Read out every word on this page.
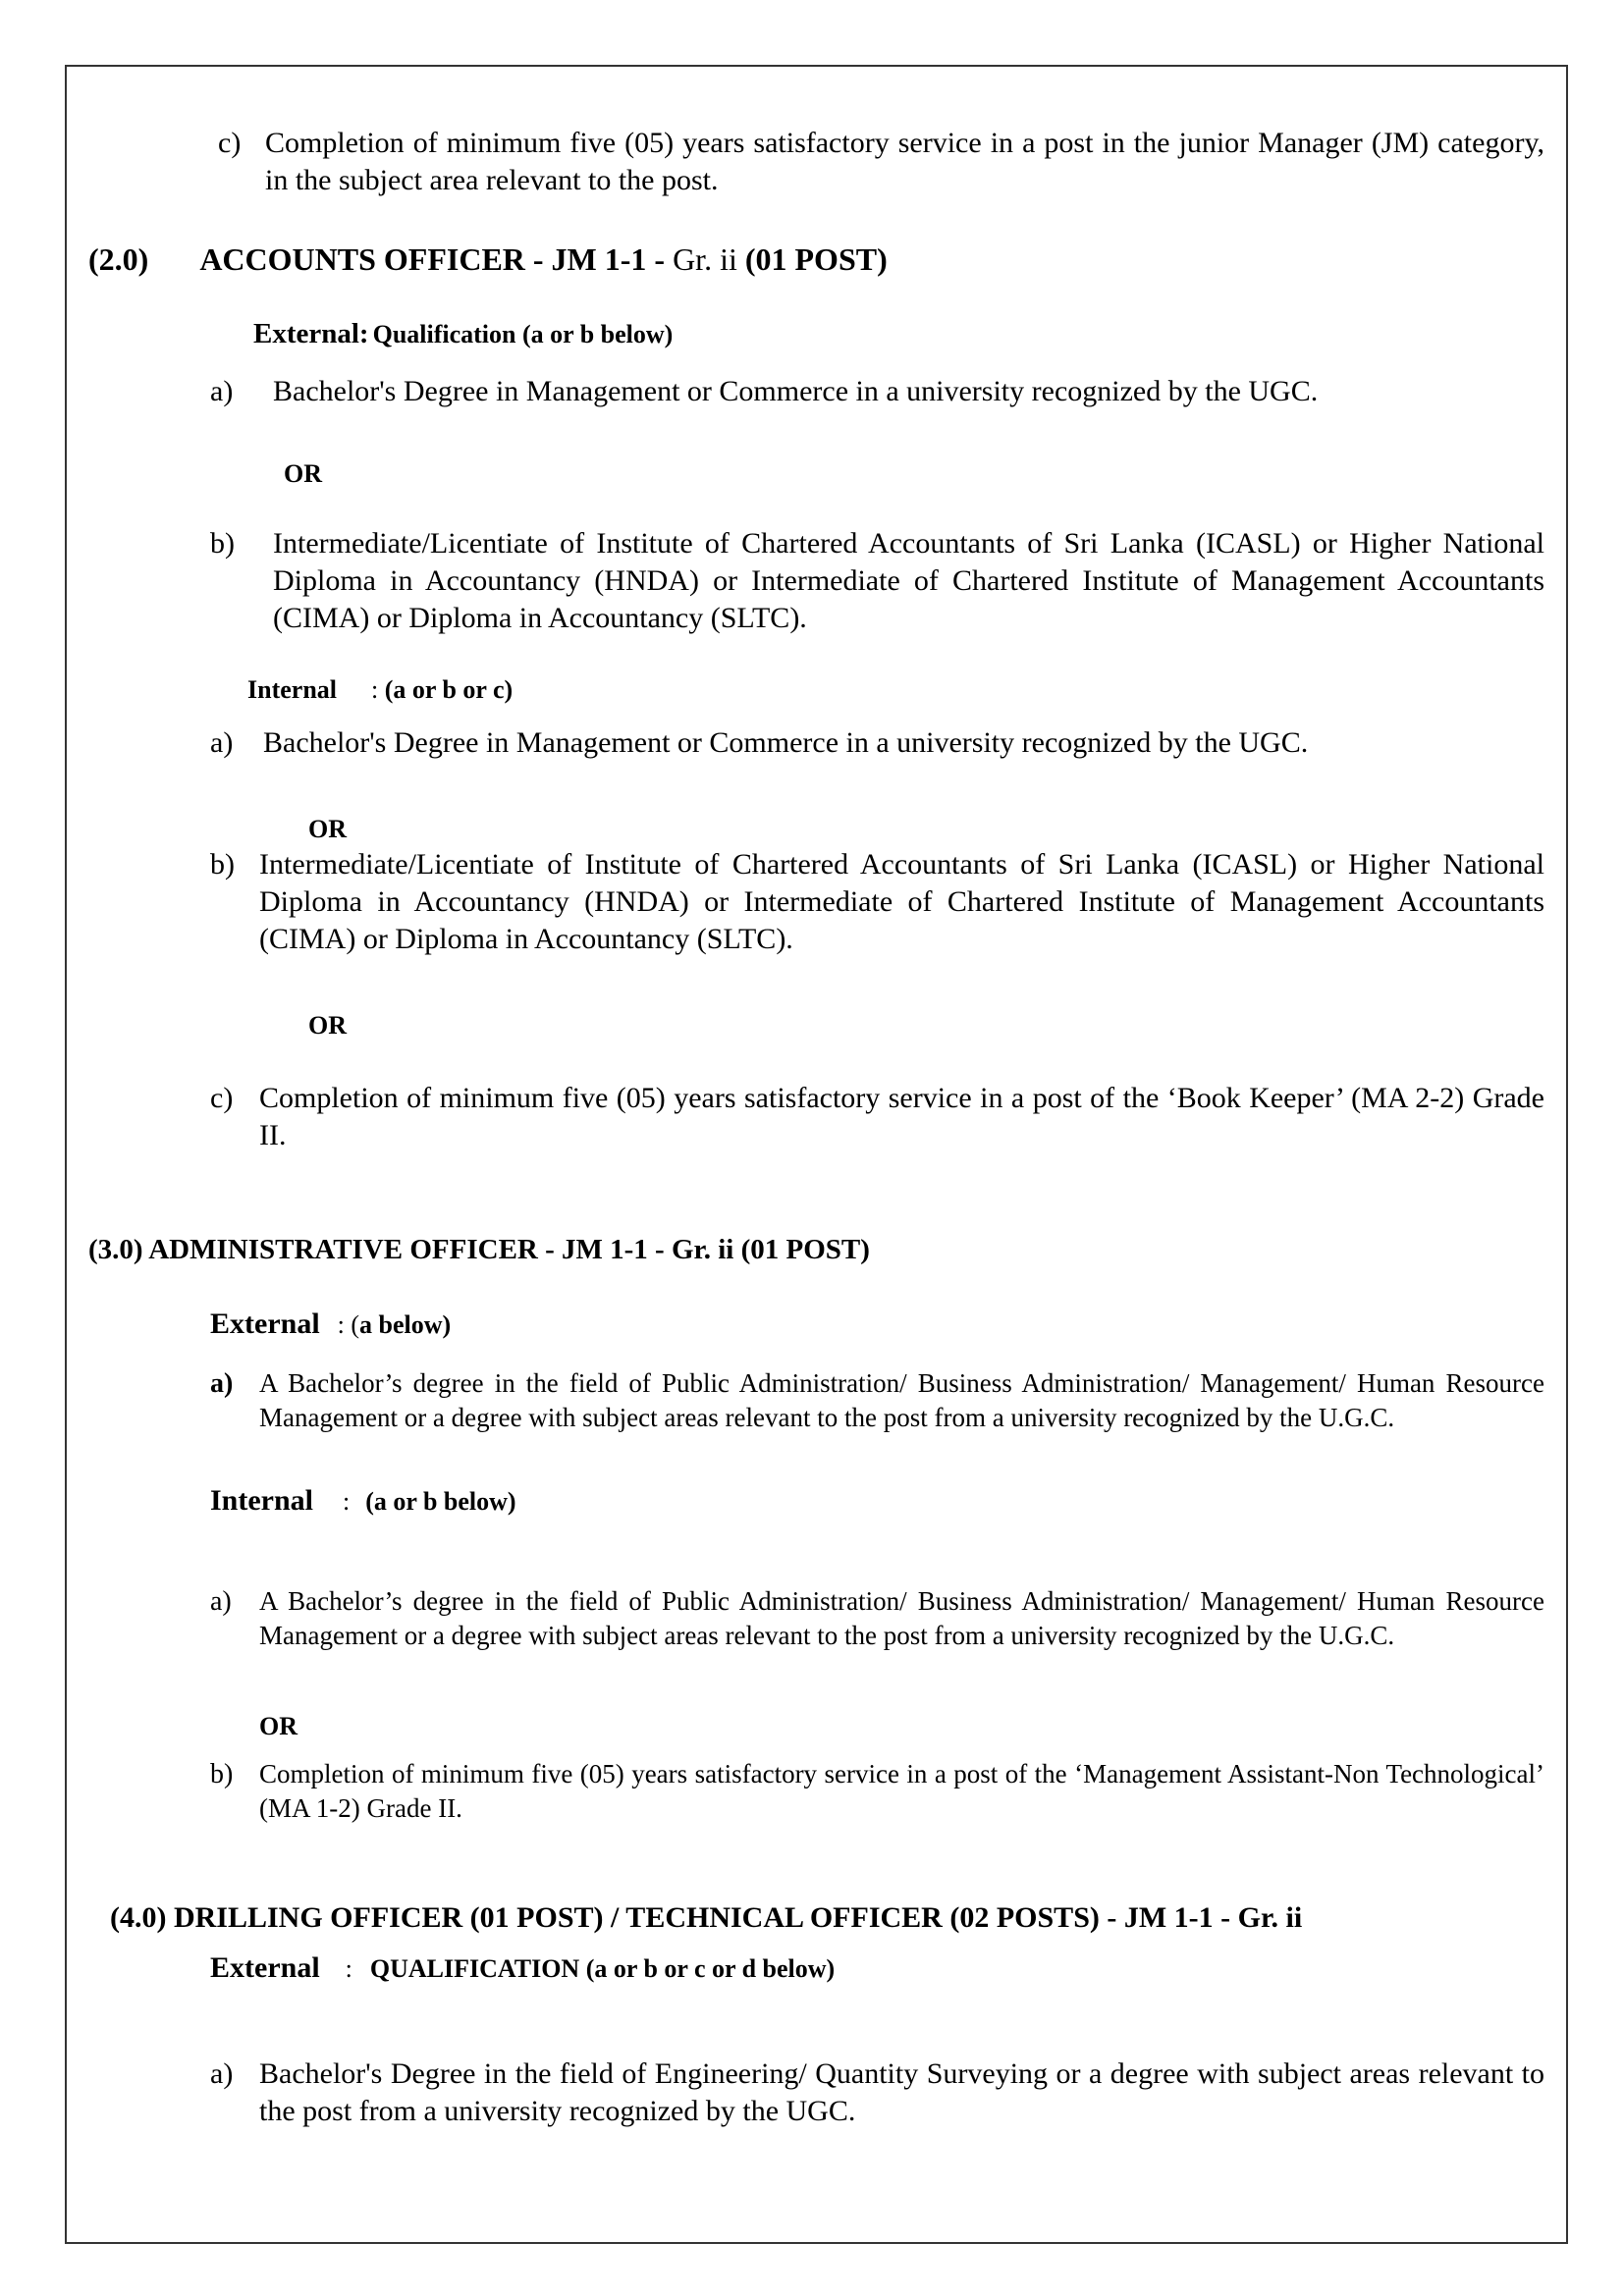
c) Completion of minimum five (05) years satisfactory service in a post in the junior Manager (JM) category, in the subject area relevant to the post.

(2.0) ACCOUNTS OFFICER - JM 1-1 - Gr. ii (01 POST)
External: Qualification (a or b below)
a) Bachelor's Degree in Management or Commerce in a university recognized by the UGC.

OR
b) Intermediate/Licentiate of Institute of Chartered Accountants of Sri Lanka (ICASL) or Higher National Diploma in Accountancy (HNDA) or Intermediate of Chartered Institute of Management Accountants (CIMA) or Diploma in Accountancy (SLTC).

Internal : (a or b or c)
a) Bachelor's Degree in Management or Commerce in a university recognized by the UGC.

OR
b) Intermediate/Licentiate of Institute of Chartered Accountants of Sri Lanka (ICASL) or Higher National Diploma in Accountancy (HNDA) or Intermediate of Chartered Institute of Management Accountants (CIMA) or Diploma in Accountancy (SLTC).

OR
c) Completion of minimum five (05) years satisfactory service in a post of the ‘Book Keeper’ (MA 2-2) Grade II.

(3.0) ADMINISTRATIVE OFFICER - JM 1-1 - Gr. ii (01 POST)
External : (a below)
a) A Bachelor’s degree in the field of Public Administration/ Business Administration/ Management/ Human Resource Management or a degree with subject areas relevant to the post from a university recognized by the U.G.C.

Internal : (a or b below)
a) A Bachelor’s degree in the field of Public Administration/ Business Administration/ Management/ Human Resource Management or a degree with subject areas relevant to the post from a university recognized by the U.G.C.

OR
b) Completion of minimum five (05) years satisfactory service in a post of the ‘Management Assistant-Non Technological’ (MA 1-2) Grade II.

(4.0) DRILLING OFFICER (01 POST) / TECHNICAL OFFICER (02 POSTS) - JM 1-1 - Gr. ii
External : QUALIFICATION (a or b or c or d below)
a) Bachelor's Degree in the field of Engineering/ Quantity Surveying or a degree with subject areas relevant to the post from a university recognized by the UGC.
